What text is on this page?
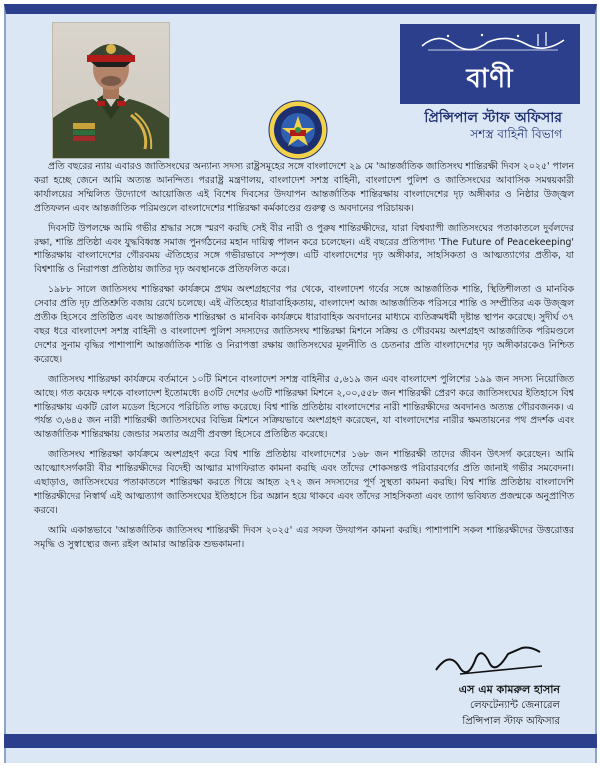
বাণী
প্রিন্সিপাল স্টাফ অফিসার
সশস্ত্র বাহিনী বিভাগ

প্রতি বছরের ন্যায় এবারও জাতিসংঘের অন্যান্য সদস্য রাষ্ট্রসমূহের সঙ্গে বাংলাদেশে ২৯ মে 'আন্তর্জাতিক জাতিসংঘ শান্তিরক্ষী দিবস ২০২৫' পালন করা হচ্ছে জেনে আমি অত্যন্ত আনন্দিত। পররাষ্ট্র মন্ত্রণালয়, বাংলাদেশ সশস্ত্র বাহিনী, বাংলাদেশ পুলিশ ও জাতিসংঘের আবাসিক সমন্বয়কারী কার্যালয়ের সম্মিলিত উদ্যোগে আয়োজিত এই বিশেষ দিবসের উদযাপন আন্তর্জাতিক শান্তিরক্ষায় বাংলাদেশের দৃঢ় অঙ্গীকার ও নিষ্ঠার উজ্জ্বল প্রতিফলন এবং আন্তর্জাতিক পরিমণ্ডলে বাংলাদেশের শান্তিরক্ষা কর্মকাণ্ডের গুরুত্ব ও অবদানের পরিচায়ক।

দিবসটি উপলক্ষে আমি গভীর শ্রদ্ধার সঙ্গে স্মরণ করছি সেই বীর নারী ও পুরুষ শান্তিরক্ষীদের, যারা বিশ্বব্যাপী জাতিসংঘের পতাকাতলে দুর্বলদের রক্ষা, শান্তি প্রতিষ্ঠা এবং যুদ্ধবিধ্বস্ত সমাজ পুনর্গঠনের মহান দায়িত্ব পালন করে চলেছেন। এই বছরের প্রতিপাদ্য 'The Future of Peacekeeping' শান্তিরক্ষায় বাংলাদেশের গৌরবময় ঐতিহ্যের সঙ্গে গভীরভাবে সম্পৃক্ত। এটি বাংলাদেশের দৃঢ় অঙ্গীকার, সাহসিকতা ও আত্মত্যাগের প্রতীক, যা বিশ্বশান্তি ও নিরাপত্তা প্রতিষ্ঠায় জাতির দৃঢ় অবস্থানকে প্রতিফলিত করে।

১৯৮৮ সালে জাতিসংঘ শান্তিরক্ষা কার্যক্রমে প্রথম অংশগ্রহণের পর থেকে, বাংলাদেশ গর্বের সঙ্গে আন্তর্জাতিক শান্তি, স্থিতিশীলতা ও মানবিক সেবার প্রতি দৃঢ় প্রতিশ্রুতি বজায় রেখে চলেছে। এই ঐতিহ্যের ধারাবাহিকতায়, বাংলাদেশ আজ আন্তর্জাতিক পরিসরে শান্তি ও সম্প্রীতির এক উজ্জ্বল প্রতীক হিসেবে প্রতিষ্ঠিত এবং আন্তর্জাতিক শান্তিরক্ষা ও মানবিক কার্যক্রমে ধারাবাহিক অবদানের মাধ্যমে ব্যতিক্রমধর্মী দৃষ্টান্ত স্থাপন করেছে। সুদীর্ঘ ৩৭ বছর ধরে বাংলাদেশ সশস্ত্র বাহিনী ও বাংলাদেশ পুলিশ সদস্যদের জাতিসংঘ শান্তিরক্ষা মিশনে সক্রিয় ও গৌরবময় অংশগ্রহণ আন্তর্জাতিক পরিমণ্ডলে দেশের সুনাম বৃদ্ধির পাশাপাশি আন্তর্জাতিক শান্তি ও নিরাপত্তা রক্ষায় জাতিসংঘের মূলনীতি ও চেতনার প্রতি বাংলাদেশের দৃঢ় অঙ্গীকারকেও নিশ্চিত করেছে।

জাতিসংঘ শান্তিরক্ষা কার্যক্রমে বর্তমানে ১০টি মিশনে বাংলাদেশ সশস্ত্র বাহিনীর ৫,৬১৯ জন এবং বাংলাদেশ পুলিশের ১৯৯ জন সদস্য নিয়োজিত আছে। গত কয়েক দশকে বাংলাদেশ ইতোমধ্যে ৪৩টি দেশের ৬৩টি শান্তিরক্ষা মিশনে ২,০০,৫৫৮ জন শান্তিরক্ষী প্রেরণ করে জাতিসংঘের ইতিহাসে বিশ্ব শান্তিরক্ষায় একটি রোল মডেল হিসেবে পরিচিতি লাভ করেছে। বিশ্ব শান্তি প্রতিষ্ঠায় বাংলাদেশের নারী শান্তিরক্ষীদের অবদানও অত্যন্ত গৌরবজনক। এ পর্যন্ত ৩,৬৪৫ জন নারী শান্তিরক্ষী জাতিসংঘের বিভিন্ন মিশনে সক্রিয়ভাবে অংশগ্রহণ করেছেন, যা বাংলাদেশের নারীর ক্ষমতায়নের পথ প্রদর্শক এবং আন্তর্জাতিক শান্তিরক্ষায় জেন্ডার সমতার অগ্রণী প্রবক্তা হিসেবে প্রতিষ্ঠিত করেছে।

জাতিসংঘ শান্তিরক্ষা কার্যক্রমে অংশগ্রহণ করে বিশ্ব শান্তি প্রতিষ্ঠায় বাংলাদেশের ১৬৮ জন শান্তিরক্ষী তাদের জীবন উৎসর্গ করেছেন। আমি আত্মোৎসর্গকারী বীর শান্তিরক্ষীদের বিদেহী আত্মার মাগফিরাত কামনা করছি এবং তাঁদের শোকসন্তপ্ত পরিবারবর্গের প্রতি জানাই গভীর সমবেদনা। এছাড়াও, জাতিসংঘের পতাকাতলে শান্তিরক্ষা করতে গিয়ে আহত ২৭২ জন সদস্যদের পূর্ণ সুস্থতা কামনা করছি। বিশ্ব শান্তি প্রতিষ্ঠায় বাংলাদেশি শান্তিরক্ষীদের নিস্বার্থ এই আত্মত্যাগ জাতিসংঘের ইতিহাসে চির অম্লান হয়ে থাকবে এবং তাঁদের সাহসিকতা এবং ত্যাগ ভবিষ্যত প্রজন্মকে অনুপ্রাণিত করবে।

আমি একান্তভাবে 'আন্তর্জাতিক জাতিসংঘ শান্তিরক্ষী দিবস ২০২৫' এর সফল উদযাপন কামনা করছি। পাশাপাশি সকল শান্তিরক্ষীদের উত্তরোত্তর সমৃদ্ধি ও সুস্বাস্থ্যের জন্য রইল আমার আন্তরিক শুভকামনা।

এস এম কামরুল হাসান
লেফটেন্যান্ট জেনারেল
প্রিন্সিপাল স্টাফ অফিসার
